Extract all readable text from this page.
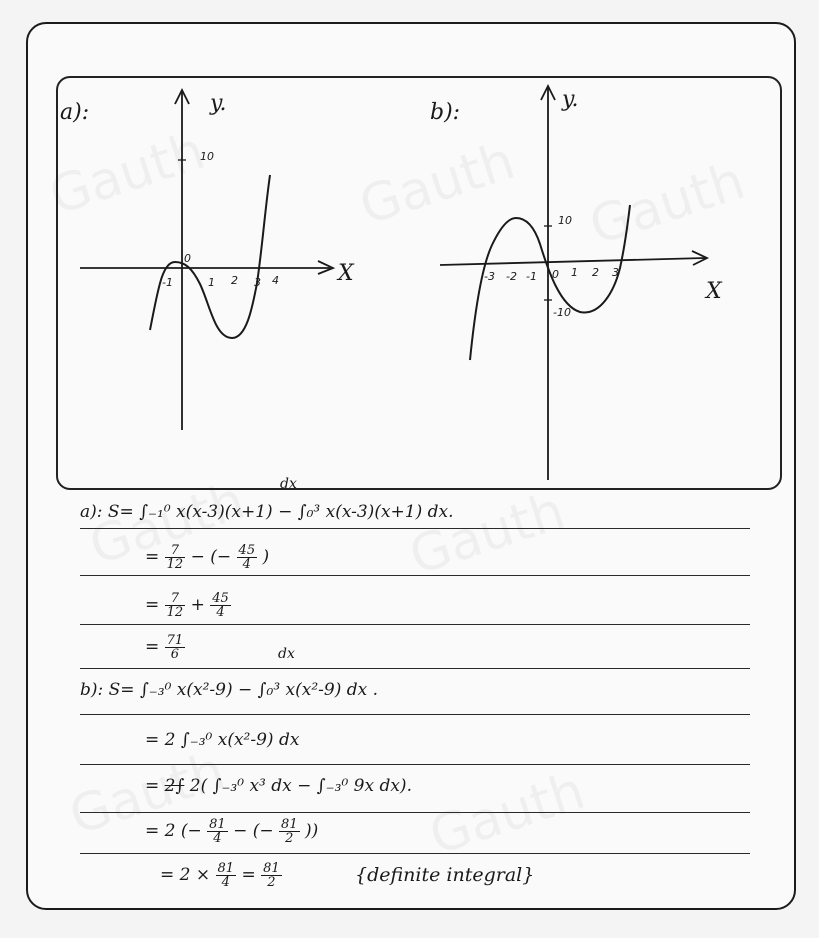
a):	b):
10
-1
0
1 2 3 4
y.
X
10
-10
-3 -2 -1 0 1 2 3
y.
X
dx
a): S= ∫₋₁⁰ x(x-3)(x+1) − ∫₀³ x(x-3)(x+1) dx.
= $\frac{7}{12}$ − (− $\frac{45}{4}$ )
= $\frac{7}{12} + \frac{45}{4}$
= $\frac{71}{6}$	dx
b): S= ∫₋₃⁰ x(x²-9) − ∫₀³ x(x²-9) dx .
= 2 ∫₋₃⁰ x(x²-9) dx
= 2∫ 2( ∫₋₃⁰ x³ dx − ∫₋₃⁰ 9x dx).
= 2 (− $\frac{81}{4}$ − (− $\frac{81}{2}$ ))
= $2 \times \frac{81}{4} = \frac{81}{2}$	{definite integral}
